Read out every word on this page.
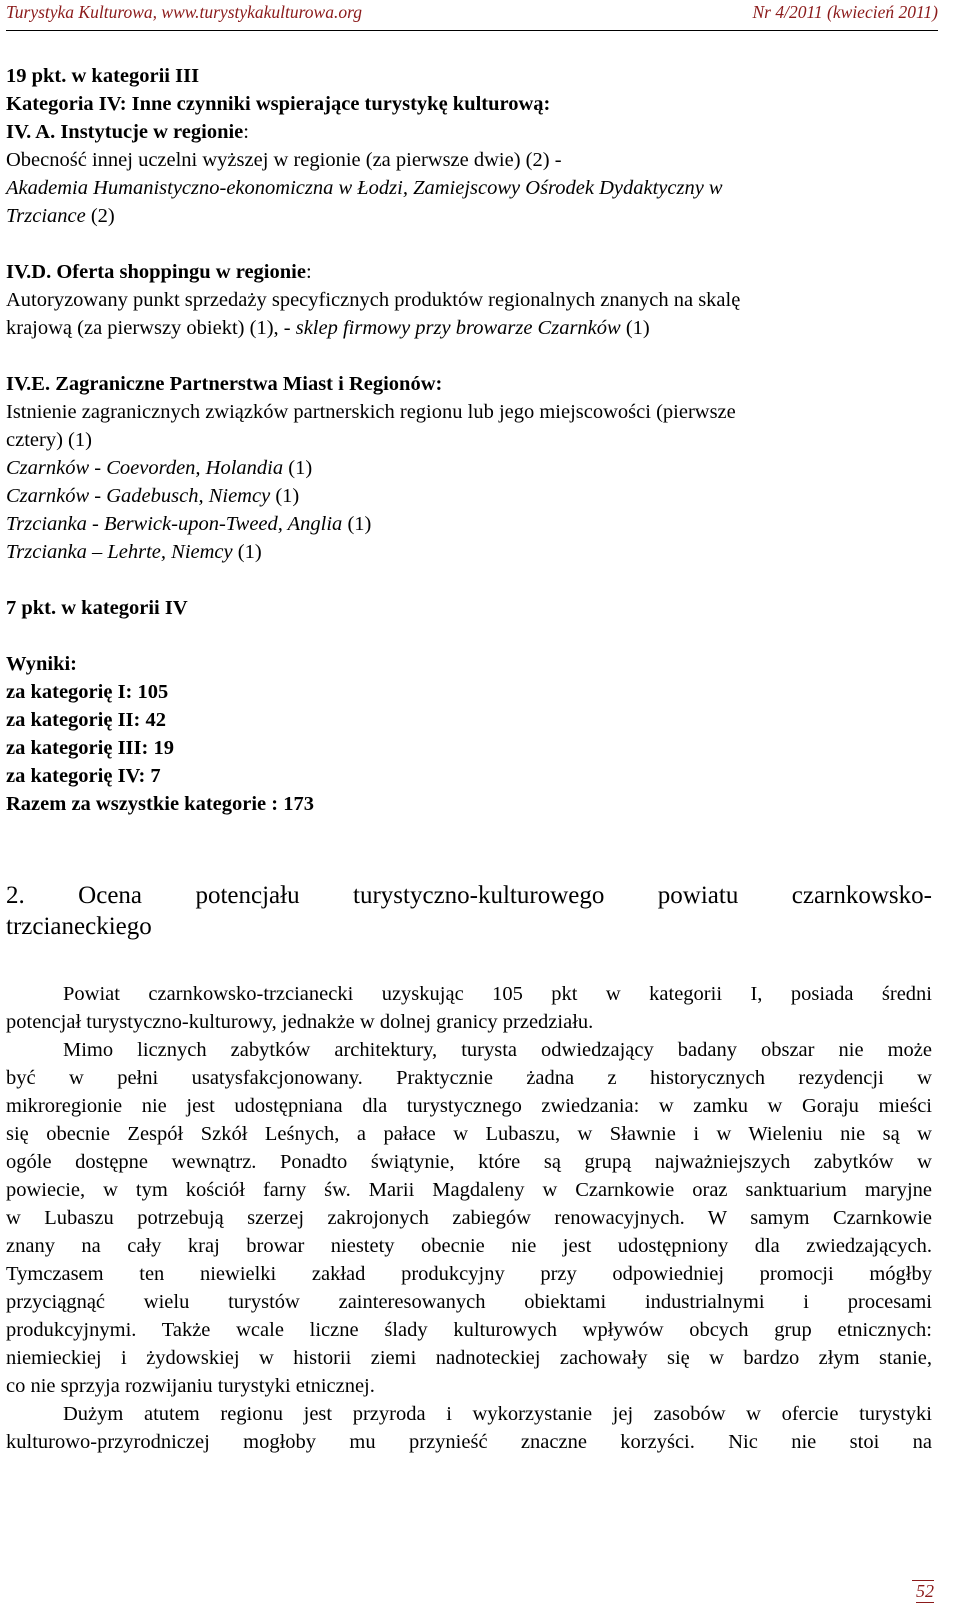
Turystyka Kulturowa, www.turystykakulturowa.org	Nr 4/2011 (kwiecień 2011)
19 pkt. w kategorii III
Kategoria IV: Inne czynniki wspierające turystykę kulturową:
IV. A. Instytucje w regionie:
Obecność innej uczelni wyższej w regionie (za pierwsze dwie) (2) -
Akademia Humanistyczno-ekonomiczna w Łodzi, Zamiejscowy Ośrodek Dydaktyczny w
Trzciance (2)
IV.D. Oferta shoppingu w regionie:
Autoryzowany punkt sprzedaży specyficznych produktów regionalnych znanych na skalę
krajową (za pierwszy obiekt) (1), - sklep firmowy przy browarze Czarnków (1)
IV.E. Zagraniczne Partnerstwa Miast i Regionów:
Istnienie zagranicznych związków partnerskich regionu lub jego miejscowości (pierwsze
cztery) (1)
Czarnków - Coevorden, Holandia (1)
Czarnków - Gadebusch, Niemcy (1)
Trzcianka - Berwick-upon-Tweed, Anglia (1)
Trzcianka – Lehrte, Niemcy (1)
7 pkt. w kategorii IV
Wyniki:
za kategorię I: 105
za kategorię II: 42
za kategorię III: 19
za kategorię IV: 7
Razem za wszystkie kategorie : 173
2. Ocena potencjału turystyczno-kulturowego powiatu czarnkowsko-
trzcianeckiego
Powiat czarnkowsko-trzcianecki uzyskując 105 pkt w kategorii I, posiada średni
potencjał turystyczno-kulturowy, jednakże w dolnej granicy przedziału.
Mimo licznych zabytków architektury, turysta odwiedzający badany obszar nie może
być w pełni usatysfakcjonowany. Praktycznie żadna z historycznych rezydencji w
mikroregionie nie jest udostępniana dla turystycznego zwiedzania: w zamku w Goraju mieści
się obecnie Zespół Szkół Leśnych, a pałace w Lubaszu, w Sławnie i w Wieleniu nie są w
ogóle dostępne wewnątrz. Ponadto świątynie, które są grupą najważniejszych zabytków w
powiecie, w tym kościół farny św. Marii Magdaleny w Czarnkowie oraz sanktuarium maryjne
w Lubaszu potrzebują szerzej zakrojonych zabiegów renowacyjnych. W samym Czarnkowie
znany na cały kraj browar niestety obecnie nie jest udostępniony dla zwiedzających.
Tymczasem ten niewielki zakład produkcyjny przy odpowiedniej promocji mógłby
przyciągnąć wielu turystów zainteresowanych obiektami industrialnymi i procesami
produkcyjnymi. Także wcale liczne ślady kulturowych wpływów obcych grup etnicznych:
niemieckiej i żydowskiej w historii ziemi nadnoteckiej zachowały się w bardzo złym stanie,
co nie sprzyja rozwijaniu turystyki etnicznej.
Dużym atutem regionu jest przyroda i wykorzystanie jej zasobów w ofercie turystyki
kulturowo-przyrodniczej mogłoby mu przynieść znaczne korzyści. Nic nie stoi na
52
